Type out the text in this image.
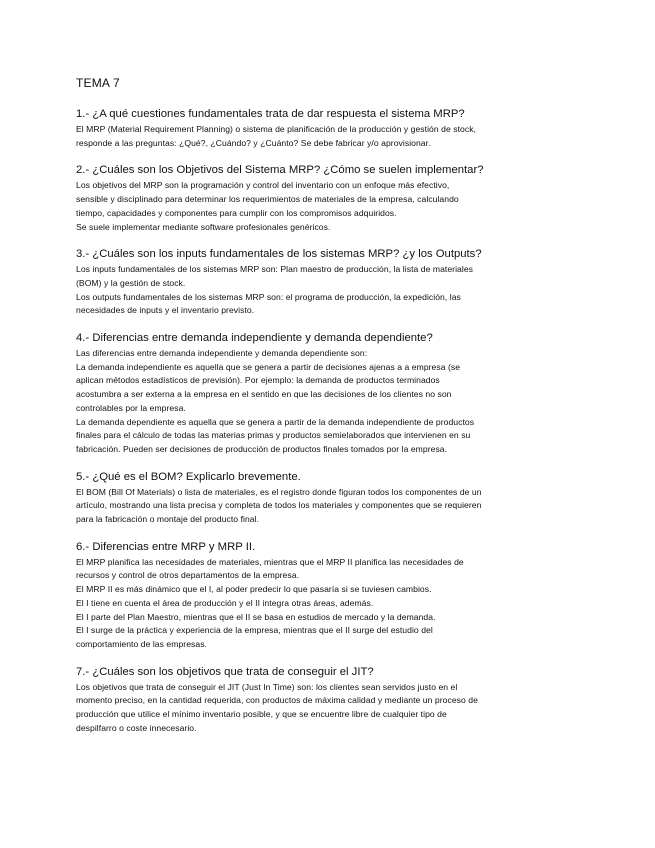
TEMA 7
1.- ¿A qué cuestiones fundamentales trata de dar respuesta el sistema MRP?

El MRP (Material Requirement Planning) o sistema de planificación de la producción y gestión de stock,

responde a las preguntas: ¿Qué?, ¿Cuándo? y ¿Cuánto? Se debe fabricar y/o aprovisionar.

2.- ¿Cuáles son los Objetivos del Sistema MRP? ¿Cómo se suelen implementar?

Los objetivos del MRP son la programación y control del inventario con un enfoque más efectivo,

sensible y disciplinado para determinar los requerimientos de materiales de la empresa, calculando

tiempo, capacidades y componentes para cumplir con los compromisos adquiridos.

Se suele implementar mediante software profesionales genéricos.

3.- ¿Cuáles son los inputs fundamentales de los sistemas MRP? ¿y los Outputs?

Los inputs fundamentales de los sistemas MRP son: Plan maestro de producción, la lista de materiales

(BOM) y la gestión de stock.

Los outputs fundamentales de los sistemas MRP son: el programa de producción, la expedición, las

necesidades de inputs y el inventario previsto.

4.- Diferencias entre demanda independiente y demanda dependiente?

Las diferencias entre demanda independiente y demanda dependiente son:

La demanda independiente es aquella que se genera a partir de decisiones ajenas a a empresa (se

aplican métodos estadísticos de previsión). Por ejemplo: la demanda de productos terminados

acostumbra a ser externa a la empresa en el sentido en que las decisiones de los clientes no son

controlables por la empresa.

La demanda dependiente es aquella que se genera a partir de la demanda independiente de productos

finales para el cálculo de todas las materias primas y productos semielaborados que intervienen en su

fabricación. Pueden ser decisiones de producción de productos finales tomados por la empresa.

5.- ¿Qué es el BOM? Explicarlo brevemente.

El BOM (Bill Of Materials) o lista de materiales, es el registro donde figuran todos los componentes de un

artículo, mostrando una lista precisa y completa de todos los materiales y componentes que se requieren

para la fabricación o montaje del producto final.

6.- Diferencias entre MRP y MRP II.

El MRP planifica las necesidades de materiales, mientras que el MRP II planifica las necesidades de

recursos y control de otros departamentos de la empresa.

El MRP II es más dinámico que el I, al poder predecir lo que pasaría si se tuviesen cambios.

El I tiene en cuenta el área de producción y el II integra otras áreas, además.

El I parte del Plan Maestro, mientras que el II se basa en estudios de mercado y la demanda.

El I surge de la práctica y experiencia de la empresa, mientras que el II surge del estudio del

comportamiento de las empresas.

7.- ¿Cuáles son los objetivos que trata de conseguir el JIT?

Los objetivos que trata de conseguir el JIT (Just In Time) son: los clientes sean servidos justo en el

momento preciso, en la cantidad requerida, con productos de máxima calidad y mediante un proceso de

producción que utilice el mínimo inventario posible, y que se encuentre libre de cualquier tipo de

despilfarro o coste innecesario.
